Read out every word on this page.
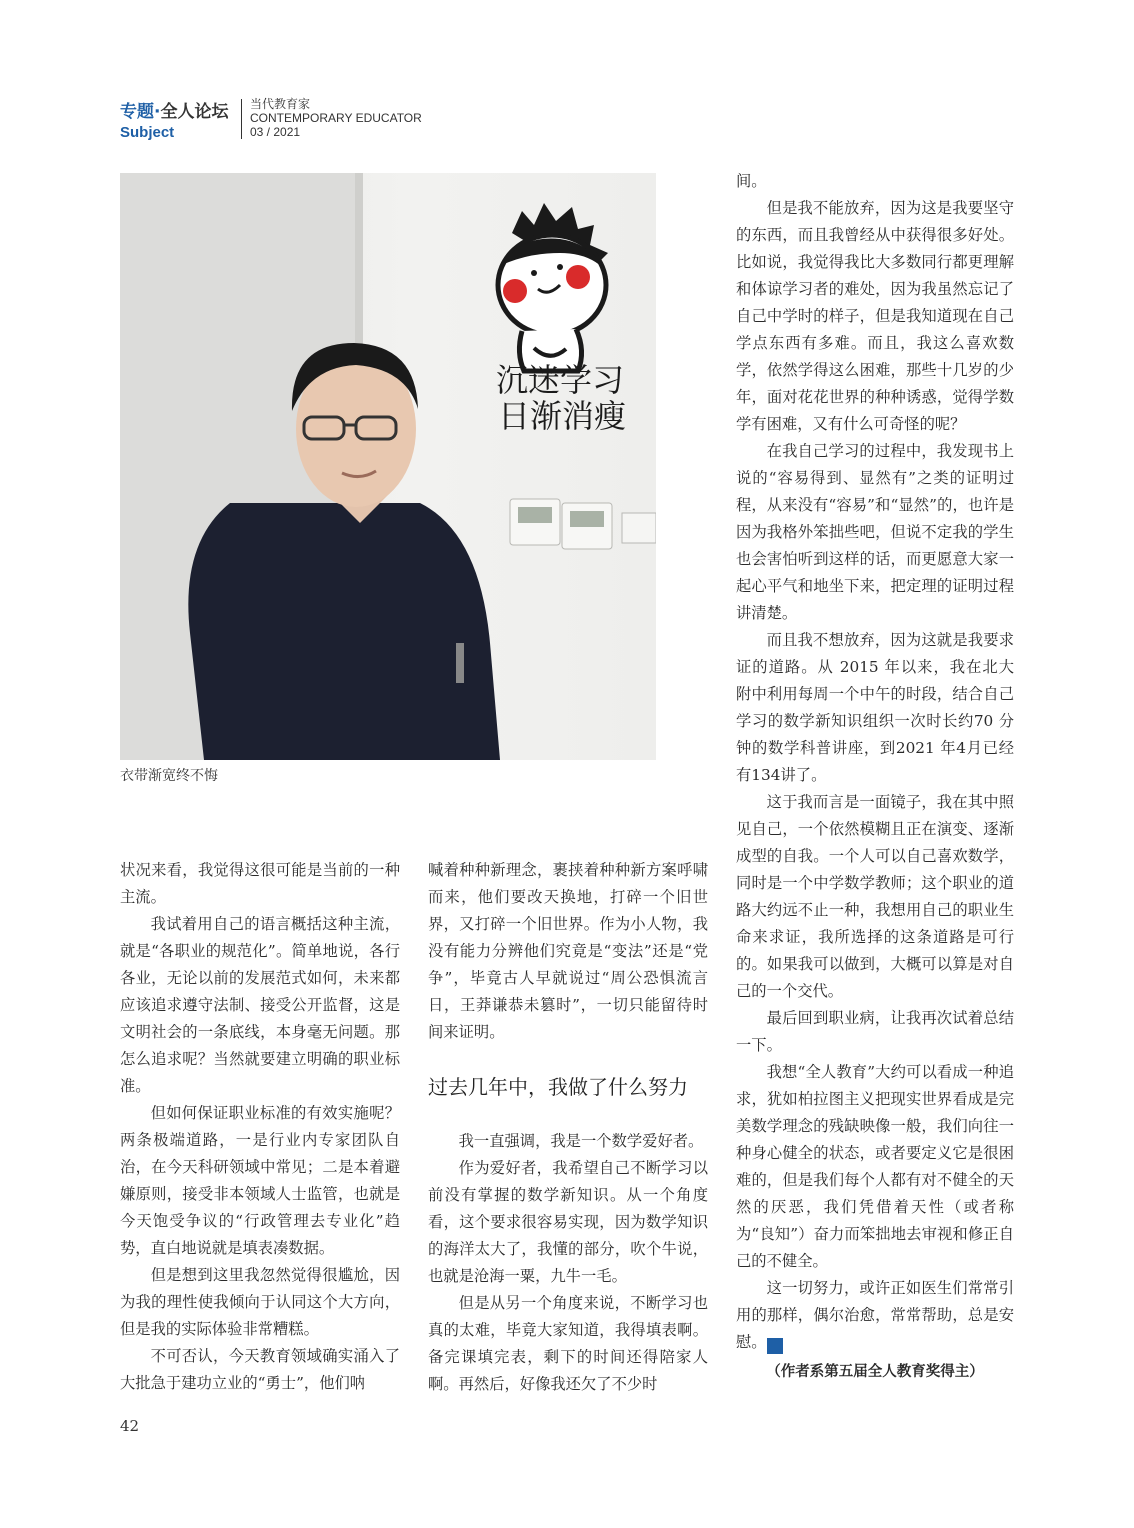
专题·全人论坛
Subject
当代教育家
CONTEMPORARY EDUCATOR
03 / 2021
沉迷学习
日渐消瘦
衣带渐宽终不悔

状况来看，我觉得这很可能是当前的一种主流。

我试着用自己的语言概括这种主流，就是“各职业的规范化”。简单地说，各行各业，无论以前的发展范式如何，未来都应该追求遵守法制、接受公开监督，这是文明社会的一条底线，本身毫无问题。那怎么追求呢？当然就要建立明确的职业标准。

但如何保证职业标准的有效实施呢？两条极端道路，一是行业内专家团队自治，在今天科研领域中常见；二是本着避嫌原则，接受非本领域人士监管，也就是今天饱受争议的“行政管理去专业化”趋势，直白地说就是填表凑数据。

但是想到这里我忽然觉得很尴尬，因为我的理性使我倾向于认同这个大方向，但是我的实际体验非常糟糕。

不可否认，今天教育领域确实涌入了大批急于建功立业的“勇士”，他们呐

喊着种种新理念，裹挟着种种新方案呼啸而来，他们要改天换地，打碎一个旧世界，又打碎一个旧世界。作为小人物，我没有能力分辨他们究竟是“变法”还是“党争”，毕竟古人早就说过“周公恐惧流言日，王莽谦恭未篡时”，一切只能留待时间来证明。

过去几年中，我做了什么努力

我一直强调，我是一个数学爱好者。

作为爱好者，我希望自己不断学习以前没有掌握的数学新知识。从一个角度看，这个要求很容易实现，因为数学知识的海洋太大了，我懂的部分，吹个牛说，也就是沧海一粟，九牛一毛。

但是从另一个角度来说，不断学习也真的太难，毕竟大家知道，我得填表啊。备完课填完表，剩下的时间还得陪家人啊。再然后，好像我还欠了不少时

间。

但是我不能放弃，因为这是我要坚守的东西，而且我曾经从中获得很多好处。比如说，我觉得我比大多数同行都更理解和体谅学习者的难处，因为我虽然忘记了自己中学时的样子，但是我知道现在自己学点东西有多难。而且，我这么喜欢数学，依然学得这么困难，那些十几岁的少年，面对花花世界的种种诱惑，觉得学数学有困难，又有什么可奇怪的呢？

在我自己学习的过程中，我发现书上说的“容易得到、显然有”之类的证明过程，从来没有“容易”和“显然”的，也许是因为我格外笨拙些吧，但说不定我的学生也会害怕听到这样的话，而更愿意大家一起心平气和地坐下来，把定理的证明过程讲清楚。

而且我不想放弃，因为这就是我要求证的道路。从 2015 年以来，我在北大附中利用每周一个中午的时段，结合自己学习的数学新知识组织一次时长约70 分钟的数学科普讲座，到2021 年4月已经有134讲了。

这于我而言是一面镜子，我在其中照见自己，一个依然模糊且正在演变、逐渐成型的自我。一个人可以自己喜欢数学，同时是一个中学数学教师；这个职业的道路大约远不止一种，我想用自己的职业生命来求证，我所选择的这条道路是可行的。如果我可以做到，大概可以算是对自己的一个交代。

最后回到职业病，让我再次试着总结一下。

我想“全人教育”大约可以看成一种追求，犹如柏拉图主义把现实世界看成是完美数学理念的残缺映像一般，我们向往一种身心健全的状态，或者要定义它是很困难的，但是我们每个人都有对不健全的天然的厌恶，我们凭借着天性（或者称为“良知”）奋力而笨拙地去审视和修正自己的不健全。

这一切努力，或许正如医生们常常引用的那样，偶尔治愈，常常帮助，总是安慰。	家

（作者系第五届全人教育奖得主）
42
